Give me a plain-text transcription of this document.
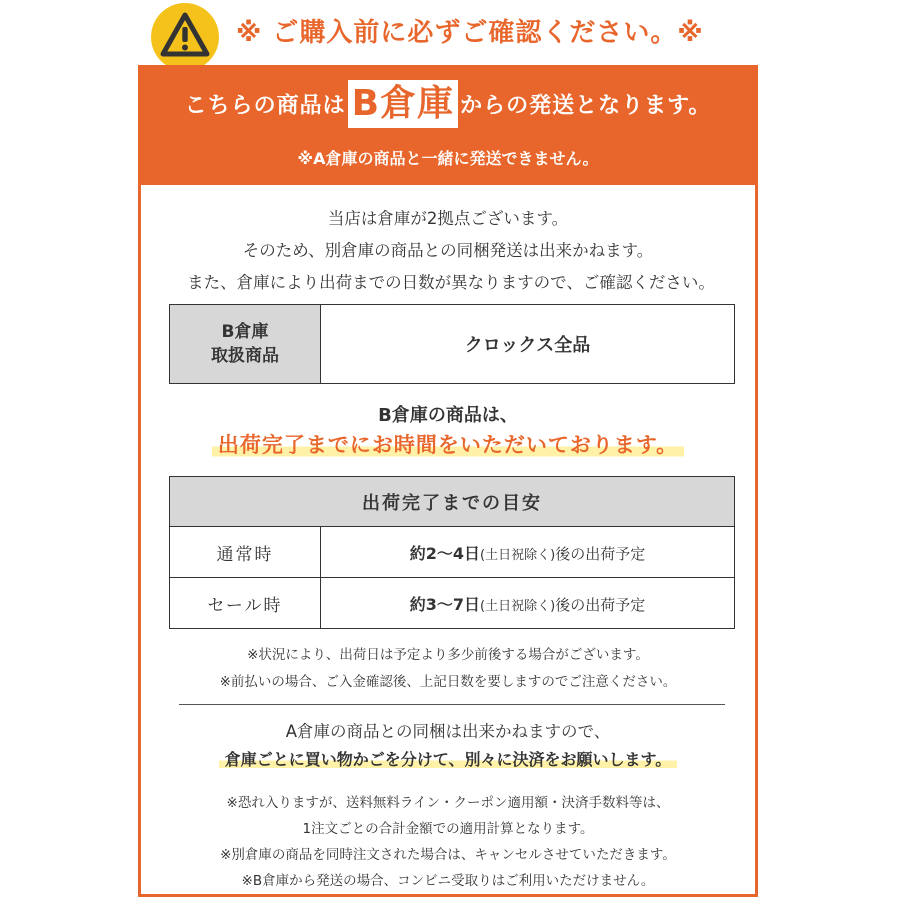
※ ご購入前に必ずご確認ください。※
こちらの商品は B倉庫 からの発送となります。
※A倉庫の商品と一緒に発送できません。
当店は倉庫が2拠点ございます。
そのため、別倉庫の商品との同梱発送は出来かねます。
また、倉庫により出荷までの日数が異なりますので、ご確認ください。
B倉庫
取扱商品	クロックス全品
B倉庫の商品は、
出荷完了までにお時間をいただいております。
出荷完了までの目安	
通常時	約2〜4日(土日祝除く)後の出荷予定
セール時	約3〜7日(土日祝除く)後の出荷予定
※状況により、出荷日は予定より多少前後する場合がございます。
※前払いの場合、ご入金確認後、上記日数を要しますのでご注意ください。
A倉庫の商品との同梱は出来かねますので、
倉庫ごとに買い物かごを分けて、別々に決済をお願いします。
※恐れ入りますが、送料無料ライン・クーポン適用額・決済手数料等は、
1注文ごとの合計金額での適用計算となります。
※別倉庫の商品を同時注文された場合は、キャンセルさせていただきます。
※B倉庫から発送の場合、コンビニ受取りはご利用いただけません。
